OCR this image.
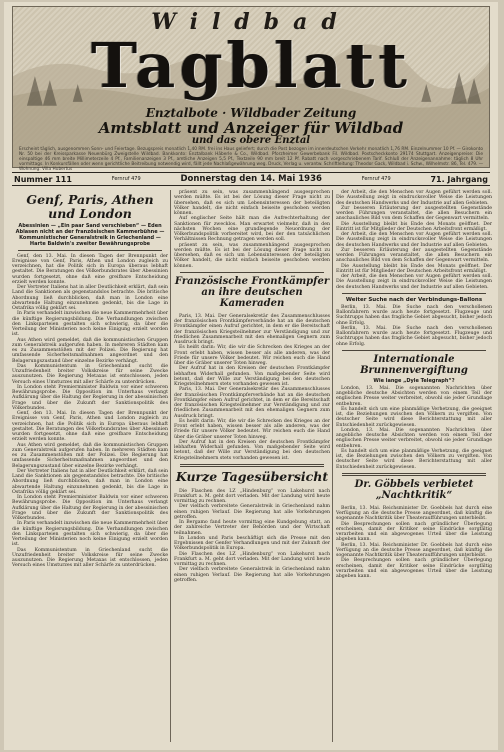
Wildbad
Tagblatt
Enztalbote · Wildbader Zeitung
Amtsblatt und Anzeiger für Wildbad
und das obere Enztal
Erscheint täglich, ausgenommen Sonn- und Feiertage. Bezugspreis monatlich 1,40 RM. frei ins Haus geliefert; durch die Post bezogen im innerdeutschen Verkehr monatlich 1,76 RM. Einzelnummer 10 Pf. — Girokonto Nr. 50 bei der Kreissparkasse Neuenbürg Zweigstelle Wildbad. Bankkonto: Enztalbank Häberle & Co., Wildbad. Pforzheimer Gewerbebank Fil. Wildbad. Postscheckkonto 29174 Stuttgart. Anzeigenpreise: Die einspaltige 46 mm breite Millimeterzeile 4 Pf., Familienanzeigen 3 Pf., amtliche Anzeigen 5,5 Pf., Textzeile 90 mm breit 12 Pf. Rabatt nach vorgeschriebenem Tarif. Schluß der Anzeigenannahme: täglich 8 Uhr vormittags. In Konkursfällen oder wenn gerichtliche Beitreibung notwendig wird, fällt jede Nachlaßgewährung weg. Druck, Verlag u. verantw. Schriftleitung: Theodor Gack, Wildbad i. Schw., Wilhelmstr. 86, Tel. 479. — Wohnung: Villa Hubertus
Nummer 111	Fernruf 479	Donnerstag den 14. Mai 1936	Fernruf 479	71. Jahrgang
Genf, Paris, Athen und London
Abessinien — „Ein paar Sand verschieben“ — Eden Ablasen nicht an der französischen Kammerbühne — Kommunistischer Generalstreik in Griechenland — Harte Baldwin's zweiter Bewährungsprobe

Genf, den 13. Mai. In diesen Tagen der Brennpunkt der Ereignisse von Genf, Paris, Athen und London zugleich zu verzeichnen, hat die Politik sich in Europa überaus lebhaft gestaltet. Die Beratungen des Völkerbundsrates über Abessinien wurden fortgesetzt, ohne daß eine greifbare Entscheidung erzielt werden konnte.

Der Vertreter Italiens hat in aller Deutlichkeit erklärt, daß sein Land die Sanktionen als gegenstandslos betrachte. Die britische Abordnung ließ durchblicken, daß man in London eine abwartende Haltung einzunehmen gedenkt, bis die Lage in Ostafrika völlig geklärt sei.

In Paris verhandelt inzwischen die neue Kammermehrheit über die künftige Regierungsbildung. Die Verhandlungen zwischen den Linksparteien gestalten sich schwierig, da über die Verteilung der Ministerien noch keine Einigung erzielt worden ist.

Aus Athen wird gemeldet, daß die kommunistischen Gruppen zum Generalstreik aufgerufen haben. In mehreren Städten kam es zu Zusammenstößen mit der Polizei. Die Regierung hat umfassende Sicherheitsmaßnahmen angeordnet und den Belagerungszustand über einzelne Bezirke verhängt.

Das Kommunistentum in Griechenland sucht die Unzufriedenheit breiter Volkskreise für seine Zwecke auszunutzen. Die Regierung Metaxas ist entschlossen, jeden Versuch eines Umsturzes mit aller Schärfe zu unterdrücken.

In London steht Premierminister Baldwin vor einer schweren Bewährungsprobe. Die Opposition im Unterhaus verlangt Aufklärung über die Haltung der Regierung in der abessinischen Frage und über die Zukunft der Sanktionspolitik des Völkerbundes.

Genf, den 13. Mai. In diesen Tagen der Brennpunkt der Ereignisse von Genf, Paris, Athen und London zugleich zu verzeichnen, hat die Politik sich in Europa überaus lebhaft gestaltet. Die Beratungen des Völkerbundsrates über Abessinien wurden fortgesetzt, ohne daß eine greifbare Entscheidung erzielt werden konnte.

Aus Athen wird gemeldet, daß die kommunistischen Gruppen zum Generalstreik aufgerufen haben. In mehreren Städten kam es zu Zusammenstößen mit der Polizei. Die Regierung hat umfassende Sicherheitsmaßnahmen angeordnet und den Belagerungszustand über einzelne Bezirke verhängt.

Der Vertreter Italiens hat in aller Deutlichkeit erklärt, daß sein Land die Sanktionen als gegenstandslos betrachte. Die britische Abordnung ließ durchblicken, daß man in London eine abwartende Haltung einzunehmen gedenkt, bis die Lage in Ostafrika völlig geklärt sei.

In London steht Premierminister Baldwin vor einer schweren Bewährungsprobe. Die Opposition im Unterhaus verlangt Aufklärung über die Haltung der Regierung in der abessinischen Frage und über die Zukunft der Sanktionspolitik des Völkerbundes.

In Paris verhandelt inzwischen die neue Kammermehrheit über die künftige Regierungsbildung. Die Verhandlungen zwischen den Linksparteien gestalten sich schwierig, da über die Verteilung der Ministerien noch keine Einigung erzielt worden ist.

Das Kommunistentum in Griechenland sucht die Unzufriedenheit breiter Volkskreise für seine Zwecke auszunutzen. Die Regierung Metaxas ist entschlossen, jeden Versuch eines Umsturzes mit aller Schärfe zu unterdrücken.

präsent zu sein, was zusammenhängend ausgesprochen werden müßte. Es ist bei der Lösung dieser Frage nicht zu übersehen, daß es sich um Lebensinteressen der beteiligten Völker handelt, die nicht einfach beiseite geschoben werden können.

Auf englischer Seite hält man die Aufrechterhaltung der Sanktionen für zwecklos. Man erwartet vielmehr, daß in den nächsten Wochen eine grundlegende Neuordnung der Völkerbundspolitik vorbereitet wird, bei der den tatsächlichen Verhältnissen Rechnung getragen werden soll.

präsent zu sein, was zusammenhängend ausgesprochen werden müßte. Es ist bei der Lösung dieser Frage nicht zu übersehen, daß es sich um Lebensinteressen der beteiligten Völker handelt, die nicht einfach beiseite geschoben werden können.

Französische Frontkämpfer an ihre deutschen Kameraden

Paris, 13. Mai. Der Generalsekretär des Zusammenschlusses der französischen Frontkämpferverbände hat an die deutschen Frontkämpfer einen Aufruf gerichtet, in dem er die Bereitschaft der französischen Kriegsteilnehmer zur Verständigung und zur friedlichen Zusammenarbeit mit den ehemaligen Gegnern zum Ausdruck bringt.

Es heißt darin: Wir, die wir die Schrecken des Krieges an der Front erlebt haben, wissen besser als alle anderen, was der Friede für unsere Völker bedeutet. Wir reichen euch die Hand über die Gräber unserer Toten hinweg.

Der Aufruf hat in den Kreisen der deutschen Frontkämpfer lebhaften Widerhall gefunden. Von maßgebender Seite wird betont, daß der Wille zur Verständigung bei den deutschen Kriegsteilnehmern stets vorhanden gewesen ist.

Paris, 13. Mai. Der Generalsekretär des Zusammenschlusses der französischen Frontkämpferverbände hat an die deutschen Frontkämpfer einen Aufruf gerichtet, in dem er die Bereitschaft der französischen Kriegsteilnehmer zur Verständigung und zur friedlichen Zusammenarbeit mit den ehemaligen Gegnern zum Ausdruck bringt.

Es heißt darin: Wir, die wir die Schrecken des Krieges an der Front erlebt haben, wissen besser als alle anderen, was der Friede für unsere Völker bedeutet. Wir reichen euch die Hand über die Gräber unserer Toten hinweg.

Der Aufruf hat in den Kreisen der deutschen Frontkämpfer lebhaften Widerhall gefunden. Von maßgebender Seite wird betont, daß der Wille zur Verständigung bei den deutschen Kriegsteilnehmern stets vorhanden gewesen ist.

Kurze Tagesübersicht

Die Flaschen des LZ „Hindenburg“ von Lakehurst nach Frankfurt a. M. geht dort verladen. Mit der Landung wird heute vormittag zu rechnen.

Der vielfach verbreitete Generalstreik in Griechenland nahm einen ruhigen Verlauf. Die Regierung hat alle Vorkehrungen getroffen.

In Bergamo fand heute vormittag eine Kundgebung statt, an der zahlreiche Vertreter der Behörden und der Wirtschaft teilnahmen.

In London und Paris beschäftigt sich die Presse mit den Ergebnissen der Genfer Verhandlungen und mit der Zukunft der Völkerbundspolitik in Europa.

Die Flaschen des LZ „Hindenburg“ von Lakehurst nach Frankfurt a. M. geht dort verladen. Mit der Landung wird heute vormittag zu rechnen.

Der vielfach verbreitete Generalstreik in Griechenland nahm einen ruhigen Verlauf. Die Regierung hat alle Vorkehrungen getroffen.

der Arbeit, die den Menschen vor Augen geführt werden soll. Die Ausstellung zeigt in eindrucksvoller Weise die Leistungen des deutschen Handwerks und der Industrie auf allen Gebieten.

Zur besseren Erläuterung der ausgestellten Gegenstände werden Führungen veranstaltet, die allen Besuchern ein anschauliches Bild von dem Schaffen der Gegenwart vermitteln.

Die Ausstellung bleibt bis Ende des Monats geöffnet. Der Eintritt ist für Mitglieder der Deutschen Arbeitsfront ermäßigt.

der Arbeit, die den Menschen vor Augen geführt werden soll. Die Ausstellung zeigt in eindrucksvoller Weise die Leistungen des deutschen Handwerks und der Industrie auf allen Gebieten.

Zur besseren Erläuterung der ausgestellten Gegenstände werden Führungen veranstaltet, die allen Besuchern ein anschauliches Bild von dem Schaffen der Gegenwart vermitteln.

Die Ausstellung bleibt bis Ende des Monats geöffnet. Der Eintritt ist für Mitglieder der Deutschen Arbeitsfront ermäßigt.

der Arbeit, die den Menschen vor Augen geführt werden soll. Die Ausstellung zeigt in eindrucksvoller Weise die Leistungen des deutschen Handwerks und der Industrie auf allen Gebieten.

Weiter Suche nach der Verbindungs-Ballons

Berlin, 13. Mai. Die Suche nach den verschollenen Ballonfahrern wurde auch heute fortgesetzt. Flugzeuge und Suchtrupps haben das fragliche Gebiet abgesucht, bisher jedoch ohne Erfolg.

Berlin, 13. Mai. Die Suche nach den verschollenen Ballonfahrern wurde auch heute fortgesetzt. Flugzeuge und Suchtrupps haben das fragliche Gebiet abgesucht, bisher jedoch ohne Erfolg.

Internationale Brunnenvergiftung
Wie lange „Dyle Telegraph“?

London, 13. Mai. Die sogenannten Nachrichten über angebliche deutsche Absichten werden von einem Teil der englischen Presse weiter verbreitet, obwohl sie jeder Grundlage entbehren.

Es handelt sich um eine planmäßige Verhetzung, die geeignet ist, die Beziehungen zwischen den Völkern zu vergiften. Von deutscher Seite wird diese Berichterstattung mit aller Entschiedenheit zurückgewiesen.

London, 13. Mai. Die sogenannten Nachrichten über angebliche deutsche Absichten werden von einem Teil der englischen Presse weiter verbreitet, obwohl sie jeder Grundlage entbehren.

Es handelt sich um eine planmäßige Verhetzung, die geeignet ist, die Beziehungen zwischen den Völkern zu vergiften. Von deutscher Seite wird diese Berichterstattung mit aller Entschiedenheit zurückgewiesen.

Dr. Göbbels verbietet „Nachtkritik“

Berlin, 13. Mai. Reichsminister Dr. Goebbels hat durch eine Verfügung an die deutsche Presse angeordnet, daß künftig die sogenannte Nachtkritik über Theateraufführungen unterbleibt.

Die Besprechungen sollen nach gründlicher Überlegung erscheinen, damit der Kritiker seine Eindrücke sorgfältig verarbeiten und ein abgewogenes Urteil über die Leistung abgeben kann.

Berlin, 13. Mai. Reichsminister Dr. Goebbels hat durch eine Verfügung an die deutsche Presse angeordnet, daß künftig die sogenannte Nachtkritik über Theateraufführungen unterbleibt.

Die Besprechungen sollen nach gründlicher Überlegung erscheinen, damit der Kritiker seine Eindrücke sorgfältig verarbeiten und ein abgewogenes Urteil über die Leistung abgeben kann.
